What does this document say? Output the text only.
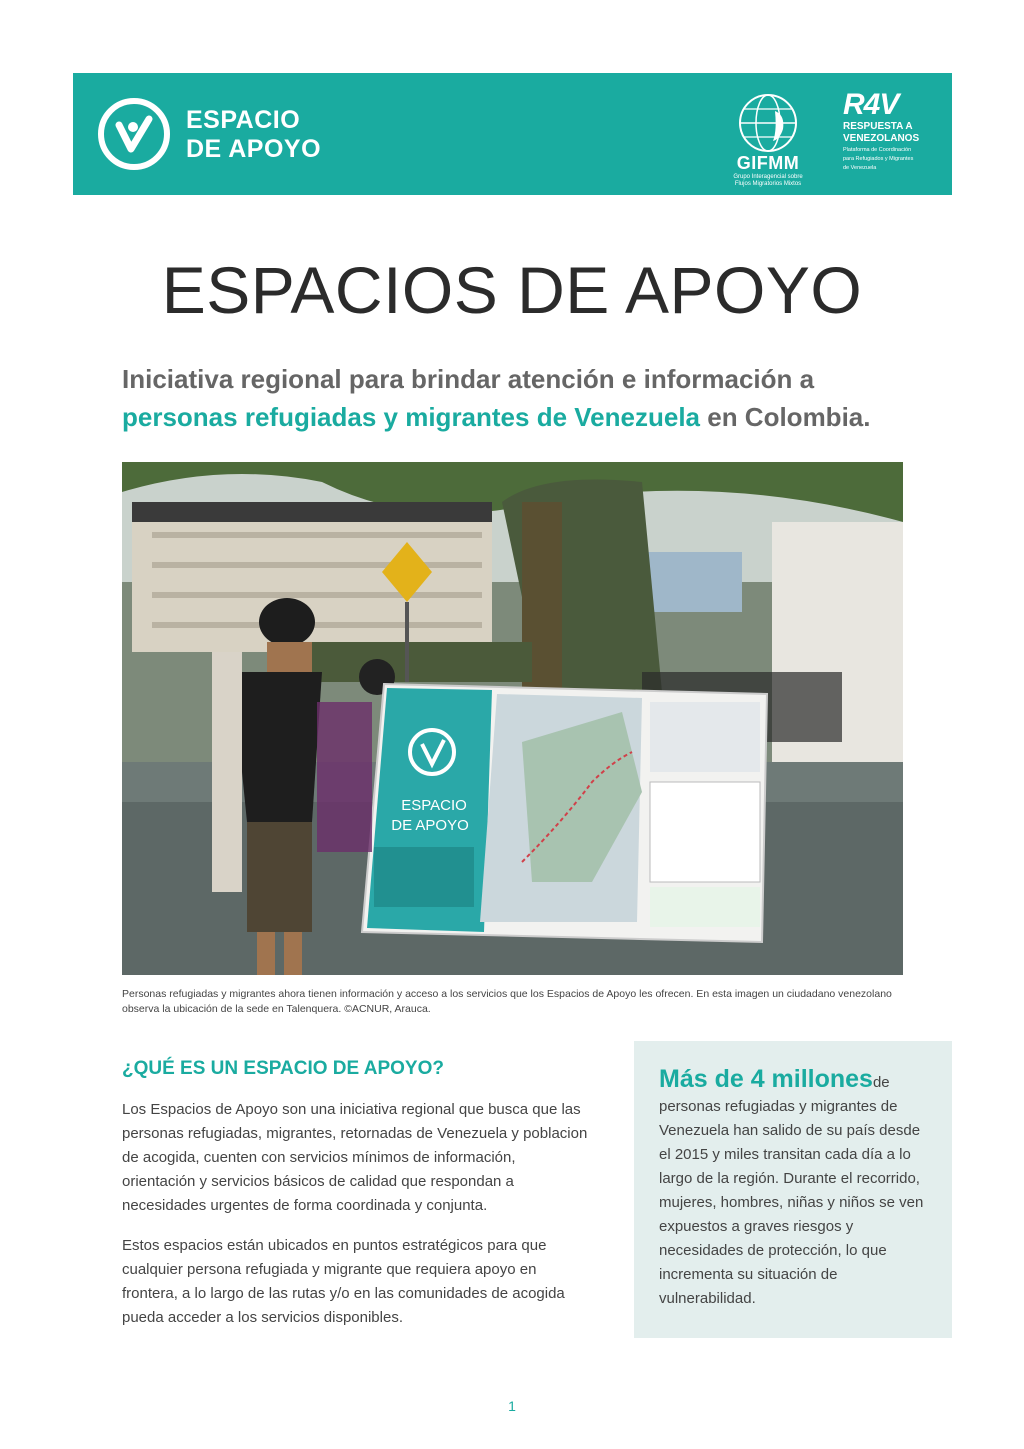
ESPACIO
DE APOYO	GIFMM
Grupo Interagencial sobre
Flujos Migratorios Mixtos
R4V
RESPUESTA A
VENEZOLANOS
Plataforma de Coordinación
para Refugiados y Migrantes
de Venezuela
ESPACIOS DE APOYO
Iniciativa regional para brindar atención e información a
personas refugiadas y migrantes de Venezuela en Colombia.
ESPACIO
DE APOYO
Personas refugiadas y migrantes ahora tienen información y acceso a los servicios que los Espacios de Apoyo les ofrecen. En esta imagen un ciudadano venezolano observa la ubicación de la sede en Talenquera. ©ACNUR, Arauca.
¿QUÉ ES UN ESPACIO DE APOYO?

Los Espacios de Apoyo son una iniciativa regional que busca que las personas refugiadas, migrantes, retornadas de Venezuela y poblacion de acogida, cuenten con servicios mínimos de información, orientación y servicios básicos de calidad que respondan a necesidades urgentes de forma coordinada y conjunta.

Estos espacios están ubicados en puntos estratégicos para que cualquier persona refugiada y migrante que requiera apoyo en frontera, a lo largo de las rutas y/o en las comunidades de acogida pueda acceder a los servicios disponibles.

Más de 4 millonesde personas refugiadas y migrantes de Venezuela han salido de su país desde el 2015 y miles transitan cada día a lo largo de la región. Durante el recorrido, mujeres, hombres, niñas y niños se ven expuestos a graves riesgos y necesidades de protección, lo que incrementa su situación de vulnerabilidad.
1
